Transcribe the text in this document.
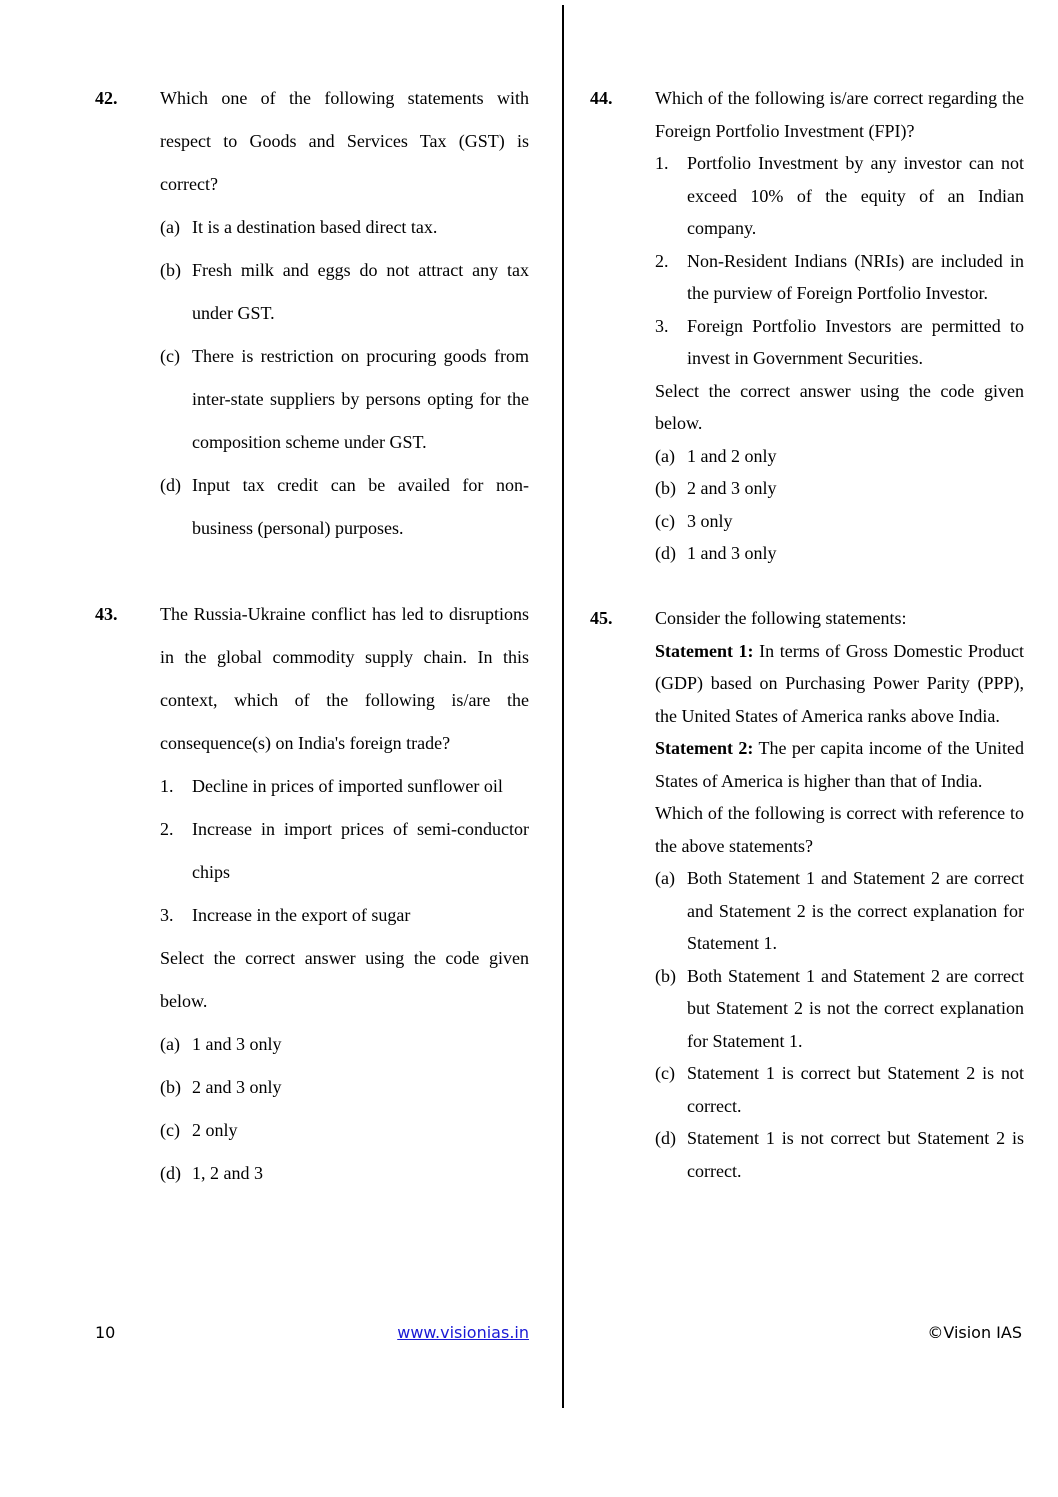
42.	Which one of the following statements with respect to Goods and Services Tax (GST) is correct?
(a) It is a destination based direct tax.
(b) Fresh milk and eggs do not attract any tax under GST.
(c) There is restriction on procuring goods from inter-state suppliers by persons opting for the composition scheme under GST.
(d) Input tax credit can be availed for non-business (personal) purposes.
43.	The Russia-Ukraine conflict has led to disruptions in the global commodity supply chain. In this context, which of the following is/are the consequence(s) on India's foreign trade?
1.	Decline in prices of imported sunflower oil
2.	Increase in import prices of semi-conductor chips
3.	Increase in the export of sugar
Select the correct answer using the code given below.
(a) 1 and 3 only
(b) 2 and 3 only
(c) 2 only
(d) 1, 2 and 3
44.	Which of the following is/are correct regarding the Foreign Portfolio Investment (FPI)?
1.	Portfolio Investment by any investor can not exceed 10% of the equity of an Indian company.
2.	Non-Resident Indians (NRIs) are included in the purview of Foreign Portfolio Investor.
3.	Foreign Portfolio Investors are permitted to invest in Government Securities.
Select the correct answer using the code given below.
(a) 1 and 2 only
(b) 2 and 3 only
(c) 3 only
(d) 1 and 3 only
45.	Consider the following statements:
Statement 1: In terms of Gross Domestic Product (GDP) based on Purchasing Power Parity (PPP), the United States of America ranks above India.
Statement 2: The per capita income of the United States of America is higher than that of India.
Which of the following is correct with reference to the above statements?
(a) Both Statement 1 and Statement 2 are correct and Statement 2 is the correct explanation for Statement 1.
(b) Both Statement 1 and Statement 2 are correct but Statement 2 is not the correct explanation for Statement 1.
(c) Statement 1 is correct but Statement 2 is not correct.
(d) Statement 1 is not correct but Statement 2 is correct.
10	www.visionias.in	©Vision IAS
